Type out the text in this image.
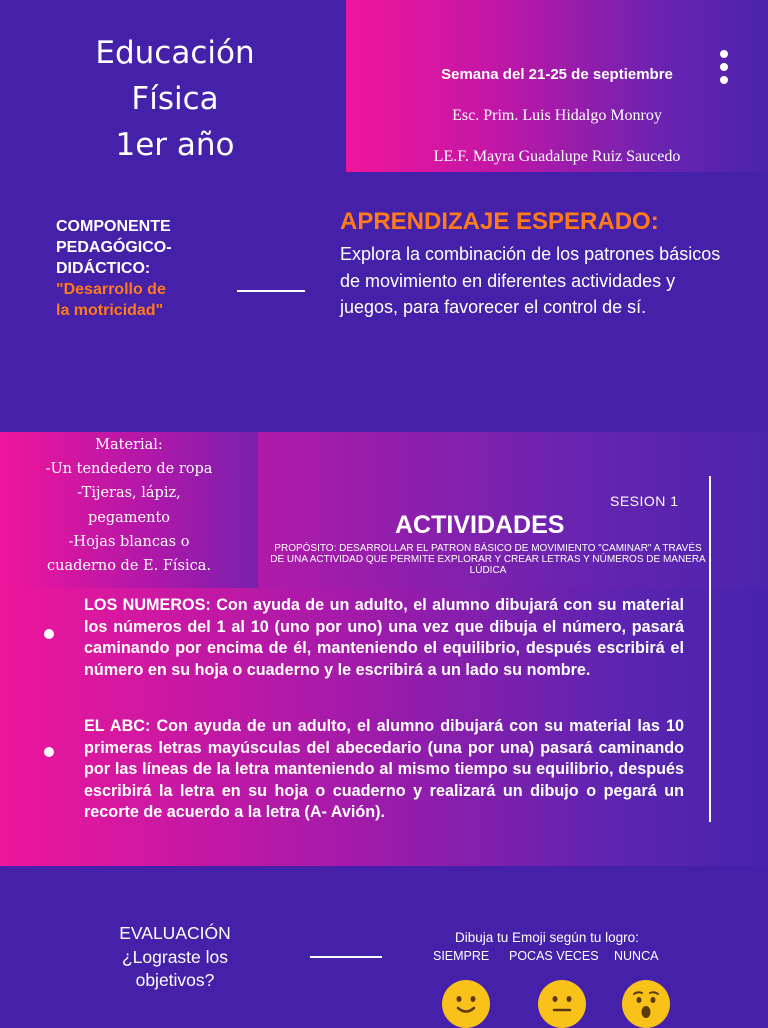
Educación
Física
1er año
Semana del 21-25 de septiembre
Esc. Prim. Luis Hidalgo Monroy
LE.F. Mayra Guadalupe Ruiz Saucedo
COMPONENTE
PEDAGÓGICO-
DIDÁCTICO:
"Desarrollo de
la motricidad"
APRENDIZAJE ESPERADO:
Explora la combinación de los patrones básicos de movimiento en diferentes actividades y juegos, para favorecer el control de sí.
Material:
-Un tendedero de ropa
-Tijeras, lápiz,
pegamento
-Hojas blancas o
cuaderno de E. Física.
SESION 1
ACTIVIDADES
PROPÓSITO: DESARROLLAR EL PATRON BÁSICO DE MOVIMIENTO "CAMINAR" A TRAVÉS DE UNA ACTIVIDAD QUE PERMITE EXPLORAR Y CREAR LETRAS Y NÚMEROS DE MANERA LÚDICA
LOS NUMEROS: Con ayuda de un adulto, el alumno dibujará con su material los números del 1 al 10 (uno por uno) una vez que dibuja el número, pasará caminando por encima de él, manteniendo el equilibrio, después escribirá el número en su hoja o cuaderno y le escribirá a un lado su nombre.
EL ABC: Con ayuda de un adulto, el alumno dibujará con su material las 10 primeras letras mayúsculas del abecedario (una por una) pasará caminando por las líneas de la letra manteniendo al mismo tiempo su equilibrio, después escribirá la letra en su hoja o cuaderno y realizará un dibujo o pegará un recorte de acuerdo a la letra (A- Avión).
EVALUACIÓN
¿Lograste los
objetivos?
Dibuja tu Emoji según tu logro:
SIEMPRE POCAS VECES NUNCA
